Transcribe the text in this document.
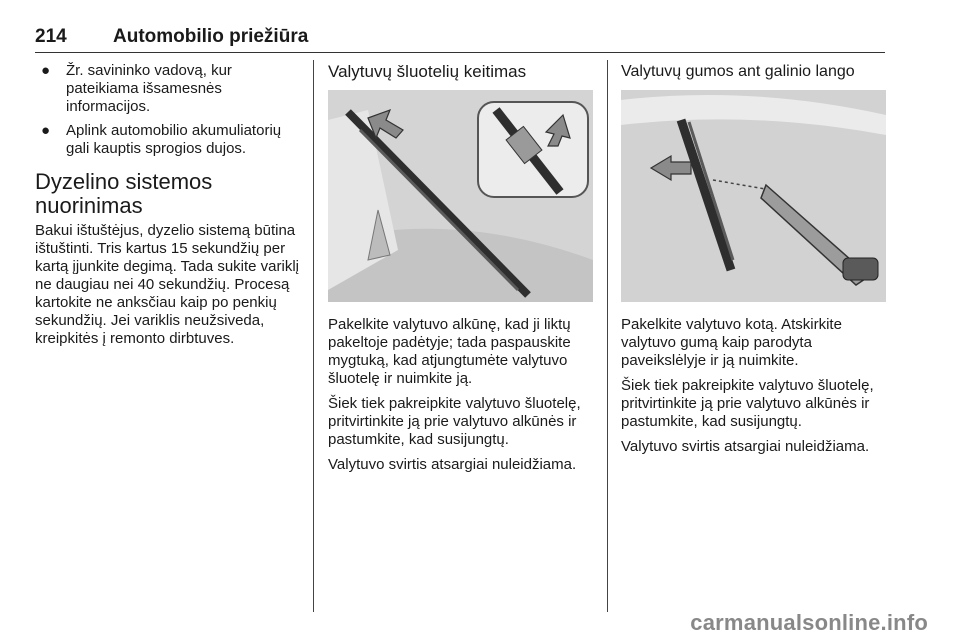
214 Automobilio priežiūra
● Žr. savininko vadovą, kur pateikiama išsamesnės informacijos.
● Aplink automobilio akumuliatorių gali kauptis sprogios dujos.
Dyzelino sistemos nuorinimas

Bakui ištuštėjus, dyzelio sistemą būtina ištuštinti. Tris kartus 15 sekundžių per kartą įjunkite degimą. Tada sukite variklį ne daugiau nei 40 sekundžių. Procesą kartokite ne anksčiau kaip po penkių sekundžių. Jei variklis neužsiveda, kreipkitės į remonto dirbtuves.

Valytuvų šluotelių keitimas

Pakelkite valytuvo alkūnę, kad ji liktų pakeltoje padėtyje; tada paspauskite mygtuką, kad atjungtumėte valytuvo šluotelę ir nuimkite ją.

Šiek tiek pakreipkite valytuvo šluotelę, pritvirtinkite ją prie valytuvo alkūnės ir pastumkite, kad susijungtų.

Valytuvo svirtis atsargiai nuleidžiama.

Valytuvų gumos ant galinio lango

Pakelkite valytuvo kotą. Atskirkite valytuvo gumą kaip parodyta paveikslėlyje ir ją nuimkite.

Šiek tiek pakreipkite valytuvo šluotelę, pritvirtinkite ją prie valytuvo alkūnės ir pastumkite, kad susijungtų.

Valytuvo svirtis atsargiai nuleidžiama.

carmanualsonline.info
